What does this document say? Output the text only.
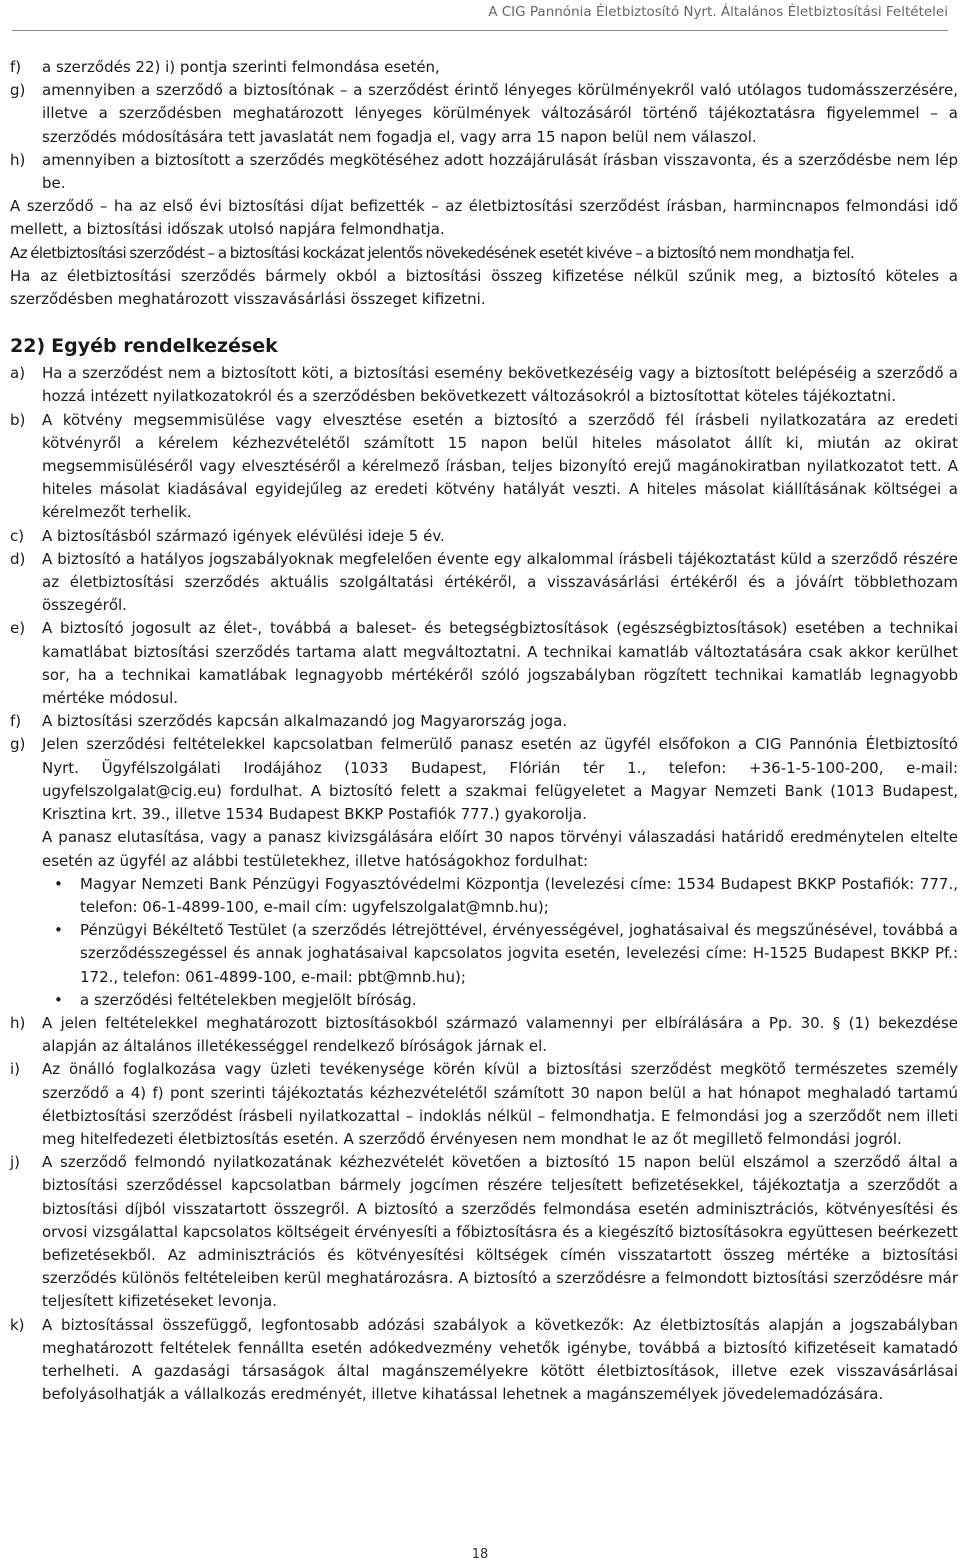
A CIG Pannónia Életbiztosító Nyrt. Általános Életbiztosítási Feltételei
f)	a szerződés 22) i) pontja szerinti felmondása esetén,
g)	amennyiben a szerződő a biztosítónak – a szerződést érintő lényeges körülményekről való utólagos tudomásszerzésére, illetve a szerződésben meghatározott lényeges körülmények változásáról történő tájékoztatásra figyelemmel – a szerződés módosítására tett javaslatát nem fogadja el, vagy arra 15 napon belül nem válaszol.
h)	amennyiben a biztosított a szerződés megkötéséhez adott hozzájárulását írásban visszavonta, és a szerződésbe nem lép be.

A szerződő – ha az első évi biztosítási díjat befizették – az életbiztosítási szerződést írásban, harmincnapos felmondási idő mellett, a biztosítási időszak utolsó napjára felmondhatja.

Az életbiztosítási szerződést – a biztosítási kockázat jelentős növekedésének esetét kivéve – a biztosító nem mondhatja fel.

Ha az életbiztosítási szerződés bármely okból a biztosítási összeg kifizetése nélkül szűnik meg, a biztosító köteles a szerződésben meghatározott visszavásárlási összeget kifizetni.

22) Egyéb rendelkezések
a)	Ha a szerződést nem a biztosított köti, a biztosítási esemény bekövetkezéséig vagy a biztosított belépéséig a szerződő a hozzá intézett nyilatkozatokról és a szerződésben bekövetkezett változásokról a biztosítottat köteles tájékoztatni.
b)	A kötvény megsemmisülése vagy elvesztése esetén a biztosító a szerződő fél írásbeli nyilatkozatára az eredeti kötvényről a kérelem kézhezvételétől számított 15 napon belül hiteles másolatot állít ki, miután az okirat megsemmisüléséről vagy elvesztéséről a kérelmező írásban, teljes bizonyító erejű magánokiratban nyilatkozatot tett. A hiteles másolat kiadásával egyidejűleg az eredeti kötvény hatályát veszti. A hiteles másolat kiállításának költségei a kérelmezőt terhelik.
c)	A biztosításból származó igények elévülési ideje 5 év.
d)	A biztosító a hatályos jogszabályoknak megfelelően évente egy alkalommal írásbeli tájékoztatást küld a szerződő részére az életbiztosítási szerződés aktuális szolgáltatási értékéről, a visszavásárlási értékéről és a jóváírt többlethozam összegéről.
e)	A biztosító jogosult az élet-, továbbá a baleset- és betegségbiztosítások (egészségbiztosítások) esetében a technikai kamatlábat biztosítási szerződés tartama alatt megváltoztatni. A technikai kamatláb változtatására csak akkor kerülhet sor, ha a technikai kamatlábak legnagyobb mértékéről szóló jogszabályban rögzített technikai kamatláb legnagyobb mértéke módosul.
f)	A biztosítási szerződés kapcsán alkalmazandó jog Magyarország joga.
g)	Jelen szerződési feltételekkel kapcsolatban felmerülő panasz esetén az ügyfél elsőfokon a CIG Pannónia Életbiztosító Nyrt. Ügyfélszolgálati Irodájához (1033 Budapest, Flórián tér 1., telefon: +36-1-5-100-200, e-mail: ugyfelszolgalat@cig.eu) fordulhat. A biztosító felett a szakmai felügyeletet a Magyar Nemzeti Bank (1013 Budapest, Krisztina krt. 39., illetve 1534 Budapest BKKP Postafiók 777.) gyakorolja.

A panasz elutasítása, vagy a panasz kivizsgálására előírt 30 napos törvényi válaszadási határidő eredménytelen eltelte esetén az ügyfél az alábbi testületekhez, illetve hatóságokhoz fordulhat:

•	Magyar Nemzeti Bank Pénzügyi Fogyasztóvédelmi Központja (levelezési címe: 1534 Budapest BKKP Postafiók: 777., telefon: 06-1-4899-100, e-mail cím: ugyfelszolgalat@mnb.hu);
•	Pénzügyi Békéltető Testület (a szerződés létrejöttével, érvényességével, joghatásaival és megszűnésével, továbbá a szerződésszegéssel és annak joghatásaival kapcsolatos jogvita esetén, levelezési címe: H-1525 Budapest BKKP Pf.: 172., telefon: 061-4899-100, e-mail: pbt@mnb.hu);
•	a szerződési feltételekben megjelölt bíróság.
h)	A jelen feltételekkel meghatározott biztosításokból származó valamennyi per elbírálására a Pp. 30. § (1) bekezdése alapján az általános illetékességgel rendelkező bíróságok járnak el.
i)	Az önálló foglalkozása vagy üzleti tevékenysége körén kívül a biztosítási szerződést megkötő természetes személy szerződő a 4) f) pont szerinti tájékoztatás kézhezvételétől számított 30 napon belül a hat hónapot meghaladó tartamú életbiztosítási szerződést írásbeli nyilatkozattal – indoklás nélkül – felmondhatja. E felmondási jog a szerződőt nem illeti meg hitelfedezeti életbiztosítás esetén. A szerződő érvényesen nem mondhat le az őt megillető felmondási jogról.
j)	A szerződő felmondó nyilatkozatának kézhezvételét követően a biztosító 15 napon belül elszámol a szerződő által a biztosítási szerződéssel kapcsolatban bármely jogcímen részére teljesített befizetésekkel, tájékoztatja a szerződőt a biztosítási díjból visszatartott összegről. A biztosító a szerződés felmondása esetén adminisztrációs, kötvényesítési és orvosi vizsgálattal kapcsolatos költségeit érvényesíti a főbiztosításra és a kiegészítő biztosításokra együttesen beérkezett befizetésekből. Az adminisztrációs és kötvényesítési költségek címén visszatartott összeg mértéke a biztosítási szerződés különös feltételeiben kerül meghatározásra. A biztosító a szerződésre a felmondott biztosítási szerződésre már teljesített kifizetéseket levonja.
k)	A biztosítással összefüggő, legfontosabb adózási szabályok a következők: Az életbiztosítás alapján a jogszabályban meghatározott feltételek fennállta esetén adókedvezmény vehetők igénybe, továbbá a biztosító kifizetéseit kamatadó terhelheti. A gazdasági társaságok által magánszemélyekre kötött életbiztosítások, illetve ezek visszavásárlásai befolyásolhatják a vállalkozás eredményét, illetve kihatással lehetnek a magánszemélyek jövedelemadózására.
18
